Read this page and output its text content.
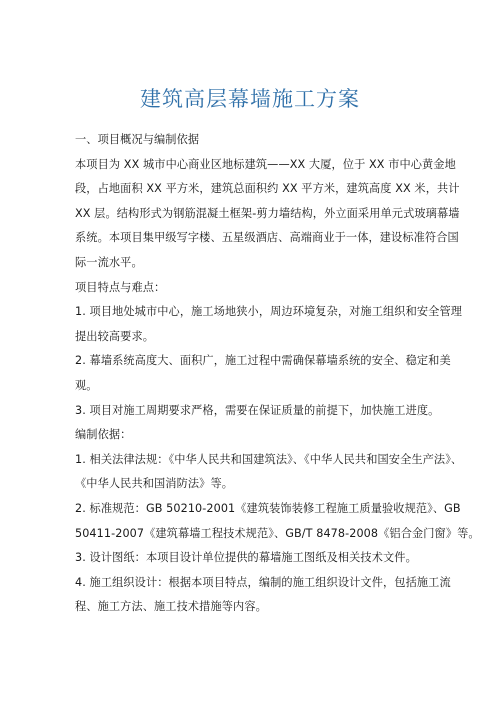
建筑高层幕墙施工方案
一、项目概况与编制依据
本项目为 XX 城市中心商业区地标建筑——XX 大厦，位于 XX 市中心黄金地
段，占地面积 XX 平方米，建筑总面积约 XX 平方米，建筑高度 XX 米，共计
XX 层。结构形式为钢筋混凝土框架-剪力墙结构，外立面采用单元式玻璃幕墙
系统。本项目集甲级写字楼、五星级酒店、高端商业于一体，建设标准符合国
际一流水平。
项目特点与难点：
1. 项目地处城市中心，施工场地狭小，周边环境复杂，对施工组织和安全管理
提出较高要求。
2. 幕墙系统高度大、面积广，施工过程中需确保幕墙系统的安全、稳定和美
观。
3. 项目对施工周期要求严格，需要在保证质量的前提下，加快施工进度。
编制依据：
1. 相关法律法规：《中华人民共和国建筑法》、《中华人民共和国安全生产法》、
《中华人民共和国消防法》等。
2. 标准规范：GB 50210-2001《建筑装饰装修工程施工质量验收规范》、GB
50411-2007《建筑幕墙工程技术规范》、GB/T 8478-2008《铝合金门窗》等。
3. 设计图纸：本项目设计单位提供的幕墙施工图纸及相关技术文件。
4. 施工组织设计：根据本项目特点，编制的施工组织设计文件，包括施工流
程、施工方法、施工技术措施等内容。
